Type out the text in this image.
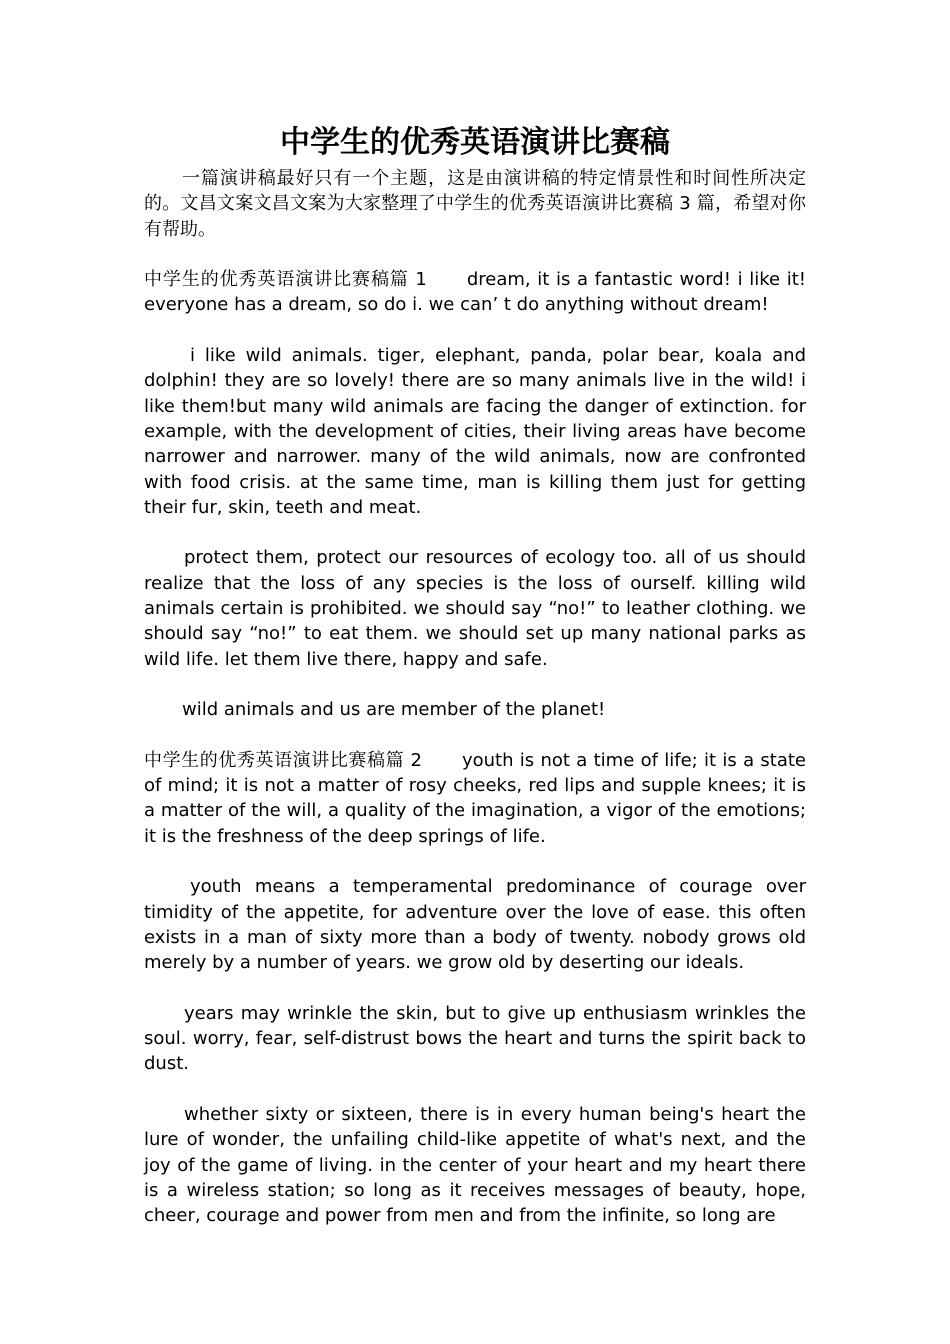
中学生的优秀英语演讲比赛稿

一篇演讲稿最好只有一个主题，这是由演讲稿的特定情景性和时间性所决定的。文昌文案文昌文案为大家整理了中学生的优秀英语演讲比赛稿 3 篇，希望对你有帮助。

中学生的优秀英语演讲比赛稿篇 1 dream, it is a fantastic word! i like it! everyone has a dream, so do i. we can’ t do anything without dream!

i like wild animals. tiger, elephant, panda, polar bear, koala and dolphin! they are so lovely! there are so many animals live in the wild! i like them!but many wild animals are facing the danger of extinction. for example, with the development of cities, their living areas have become narrower and narrower. many of the wild animals, now are confronted with food crisis. at the same time, man is killing them just for getting their fur, skin, teeth and meat.

protect them, protect our resources of ecology too. all of us should realize that the loss of any species is the loss of ourself. killing wild animals certain is prohibited. we should say “no!” to leather clothing. we should say “no!” to eat them. we should set up many national parks as wild life. let them live there, happy and safe.

wild animals and us are member of the planet!

中学生的优秀英语演讲比赛稿篇 2 youth is not a time of life; it is a state of mind; it is not a matter of rosy cheeks, red lips and supple knees; it is a matter of the will, a quality of the imagination, a vigor of the emotions; it is the freshness of the deep springs of life.

youth means a temperamental predominance of courage over timidity of the appetite, for adventure over the love of ease. this often exists in a man of sixty more than a body of twenty. nobody grows old merely by a number of years. we grow old by deserting our ideals.

years may wrinkle the skin, but to give up enthusiasm wrinkles the soul. worry, fear, self-distrust bows the heart and turns the spirit back to dust.

whether sixty or sixteen, there is in every human being's heart the lure of wonder, the unfailing child-like appetite of what's next, and the joy of the game of living. in the center of your heart and my heart there is a wireless station; so long as it receives messages of beauty, hope, cheer, courage and power from men and from the infinite, so long are
